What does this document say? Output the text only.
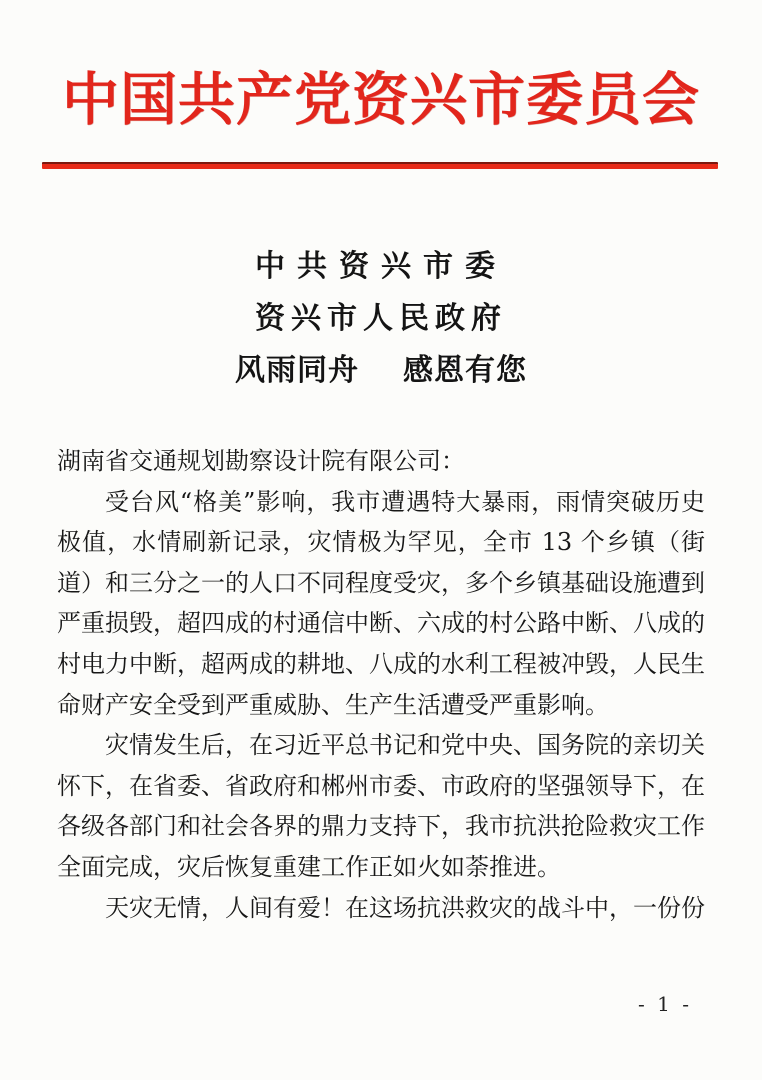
中国共产党资兴市委员会
中共资兴市委
资兴市人民政府
风雨同舟 感恩有您

湖南省交通规划勘察设计院有限公司：

受台风“格美”影响，我市遭遇特大暴雨，雨情突破历史极值，水情刷新记录，灾情极为罕见，全市 13 个乡镇（街道）和三分之一的人口不同程度受灾，多个乡镇基础设施遭到严重损毁，超四成的村通信中断、六成的村公路中断、八成的村电力中断，超两成的耕地、八成的水利工程被冲毁，人民生命财产安全受到严重威胁、生产生活遭受严重影响。

灾情发生后，在习近平总书记和党中央、国务院的亲切关怀下，在省委、省政府和郴州市委、市政府的坚强领导下，在各级各部门和社会各界的鼎力支持下，我市抗洪抢险救灾工作全面完成，灾后恢复重建工作正如火如荼推进。

天灾无情，人间有爱！在这场抗洪救灾的战斗中，一份份

- 1 -
